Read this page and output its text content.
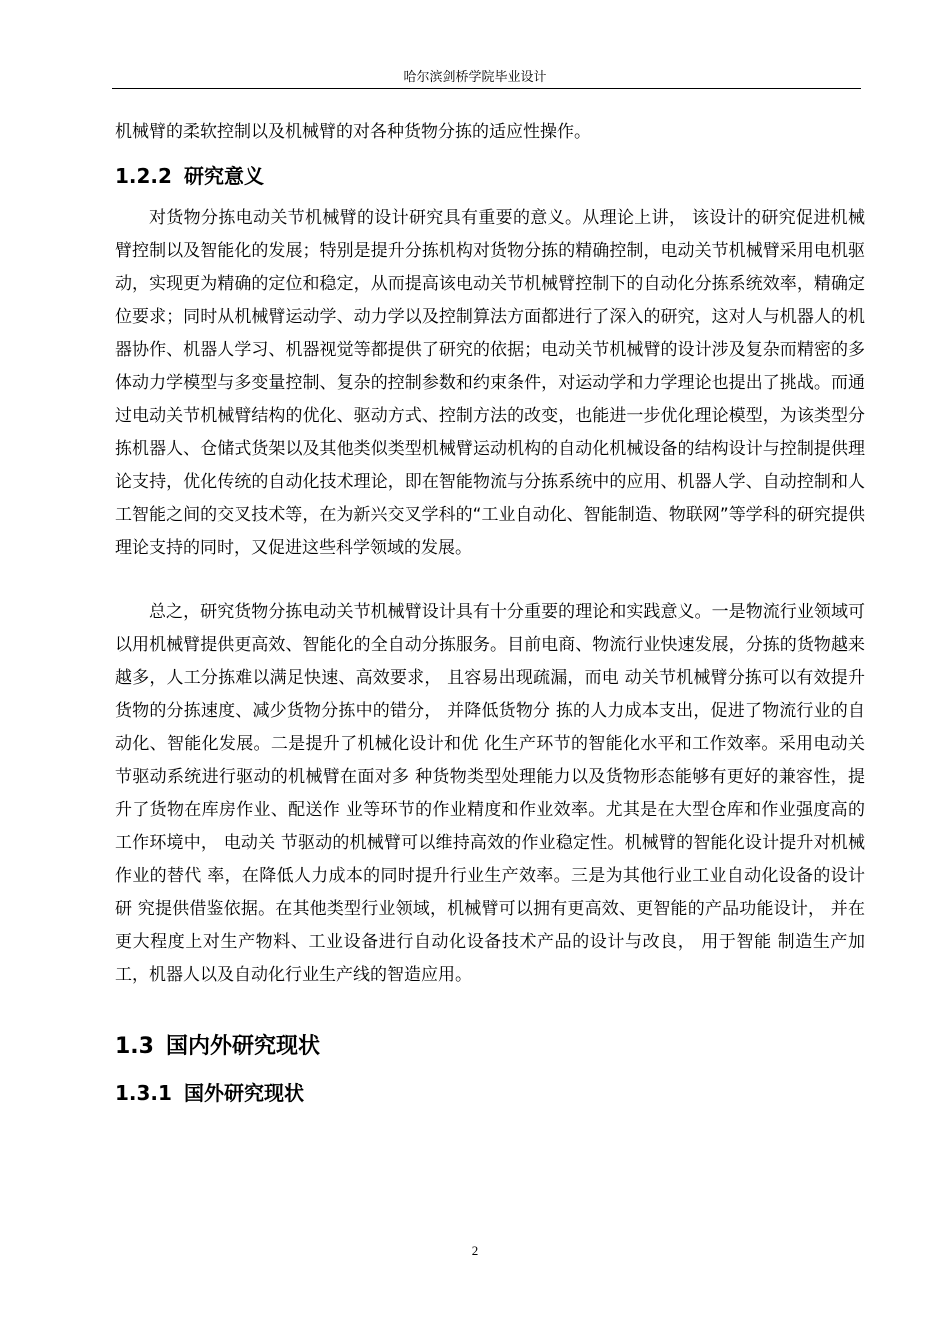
哈尔滨剑桥学院毕业设计

机械臂的柔软控制以及机械臂的对各种货物分拣的适应性操作。

1.2.2 研究意义

对货物分拣电动关节机械臂的设计研究具有重要的意义。从理论上讲， 该设计的研究促进机械臂控制以及智能化的发展；特别是提升分拣机构对货物分拣的精确控制，电动关节机械臂采用电机驱动，实现更为精确的定位和稳定，从而提高该电动关节机械臂控制下的自动化分拣系统效率，精确定位要求；同时从机械臂运动学、动力学以及控制算法方面都进行了深入的研究，这对人与机器人的机器协作、机器人学习、机器视觉等都提供了研究的依据；电动关节机械臂的设计涉及复杂而精密的多体动力学模型与多变量控制、复杂的控制参数和约束条件，对运动学和力学理论也提出了挑战。而通过电动关节机械臂结构的优化、驱动方式、控制方法的改变，也能进一步优化理论模型，为该类型分拣机器人、仓储式货架以及其他类似类型机械臂运动机构的自动化机械设备的结构设计与控制提供理论支持，优化传统的自动化技术理论，即在智能物流与分拣系统中的应用、机器人学、自动控制和人工智能之间的交叉技术等，在为新兴交叉学科的“工业自动化、智能制造、物联网”等学科的研究提供理论支持的同时，又促进这些科学领域的发展。

总之，研究货物分拣电动关节机械臂设计具有十分重要的理论和实践意义。一是物流行业领域可以用机械臂提供更高效、智能化的全自动分拣服务。目前电商、物流行业快速发展，分拣的货物越来越多，人工分拣难以满足快速、高效要求， 且容易出现疏漏，而电 动关节机械臂分拣可以有效提升货物的分拣速度、减少货物分拣中的错分， 并降低货物分 拣的人力成本支出，促进了物流行业的自动化、智能化发展。二是提升了机械化设计和优 化生产环节的智能化水平和工作效率。采用电动关节驱动系统进行驱动的机械臂在面对多 种货物类型处理能力以及货物形态能够有更好的兼容性，提升了货物在库房作业、配送作 业等环节的作业精度和作业效率。尤其是在大型仓库和作业强度高的工作环境中， 电动关 节驱动的机械臂可以维持高效的作业稳定性。机械臂的智能化设计提升对机械作业的替代 率，在降低人力成本的同时提升行业生产效率。三是为其他行业工业自动化设备的设计研 究提供借鉴依据。在其他类型行业领域，机械臂可以拥有更高效、更智能的产品功能设计， 并在更大程度上对生产物料、工业设备进行自动化设备技术产品的设计与改良， 用于智能 制造生产加工，机器人以及自动化行业生产线的智造应用。

1.3 国内外研究现状
1.3.1 国外研究现状
2
